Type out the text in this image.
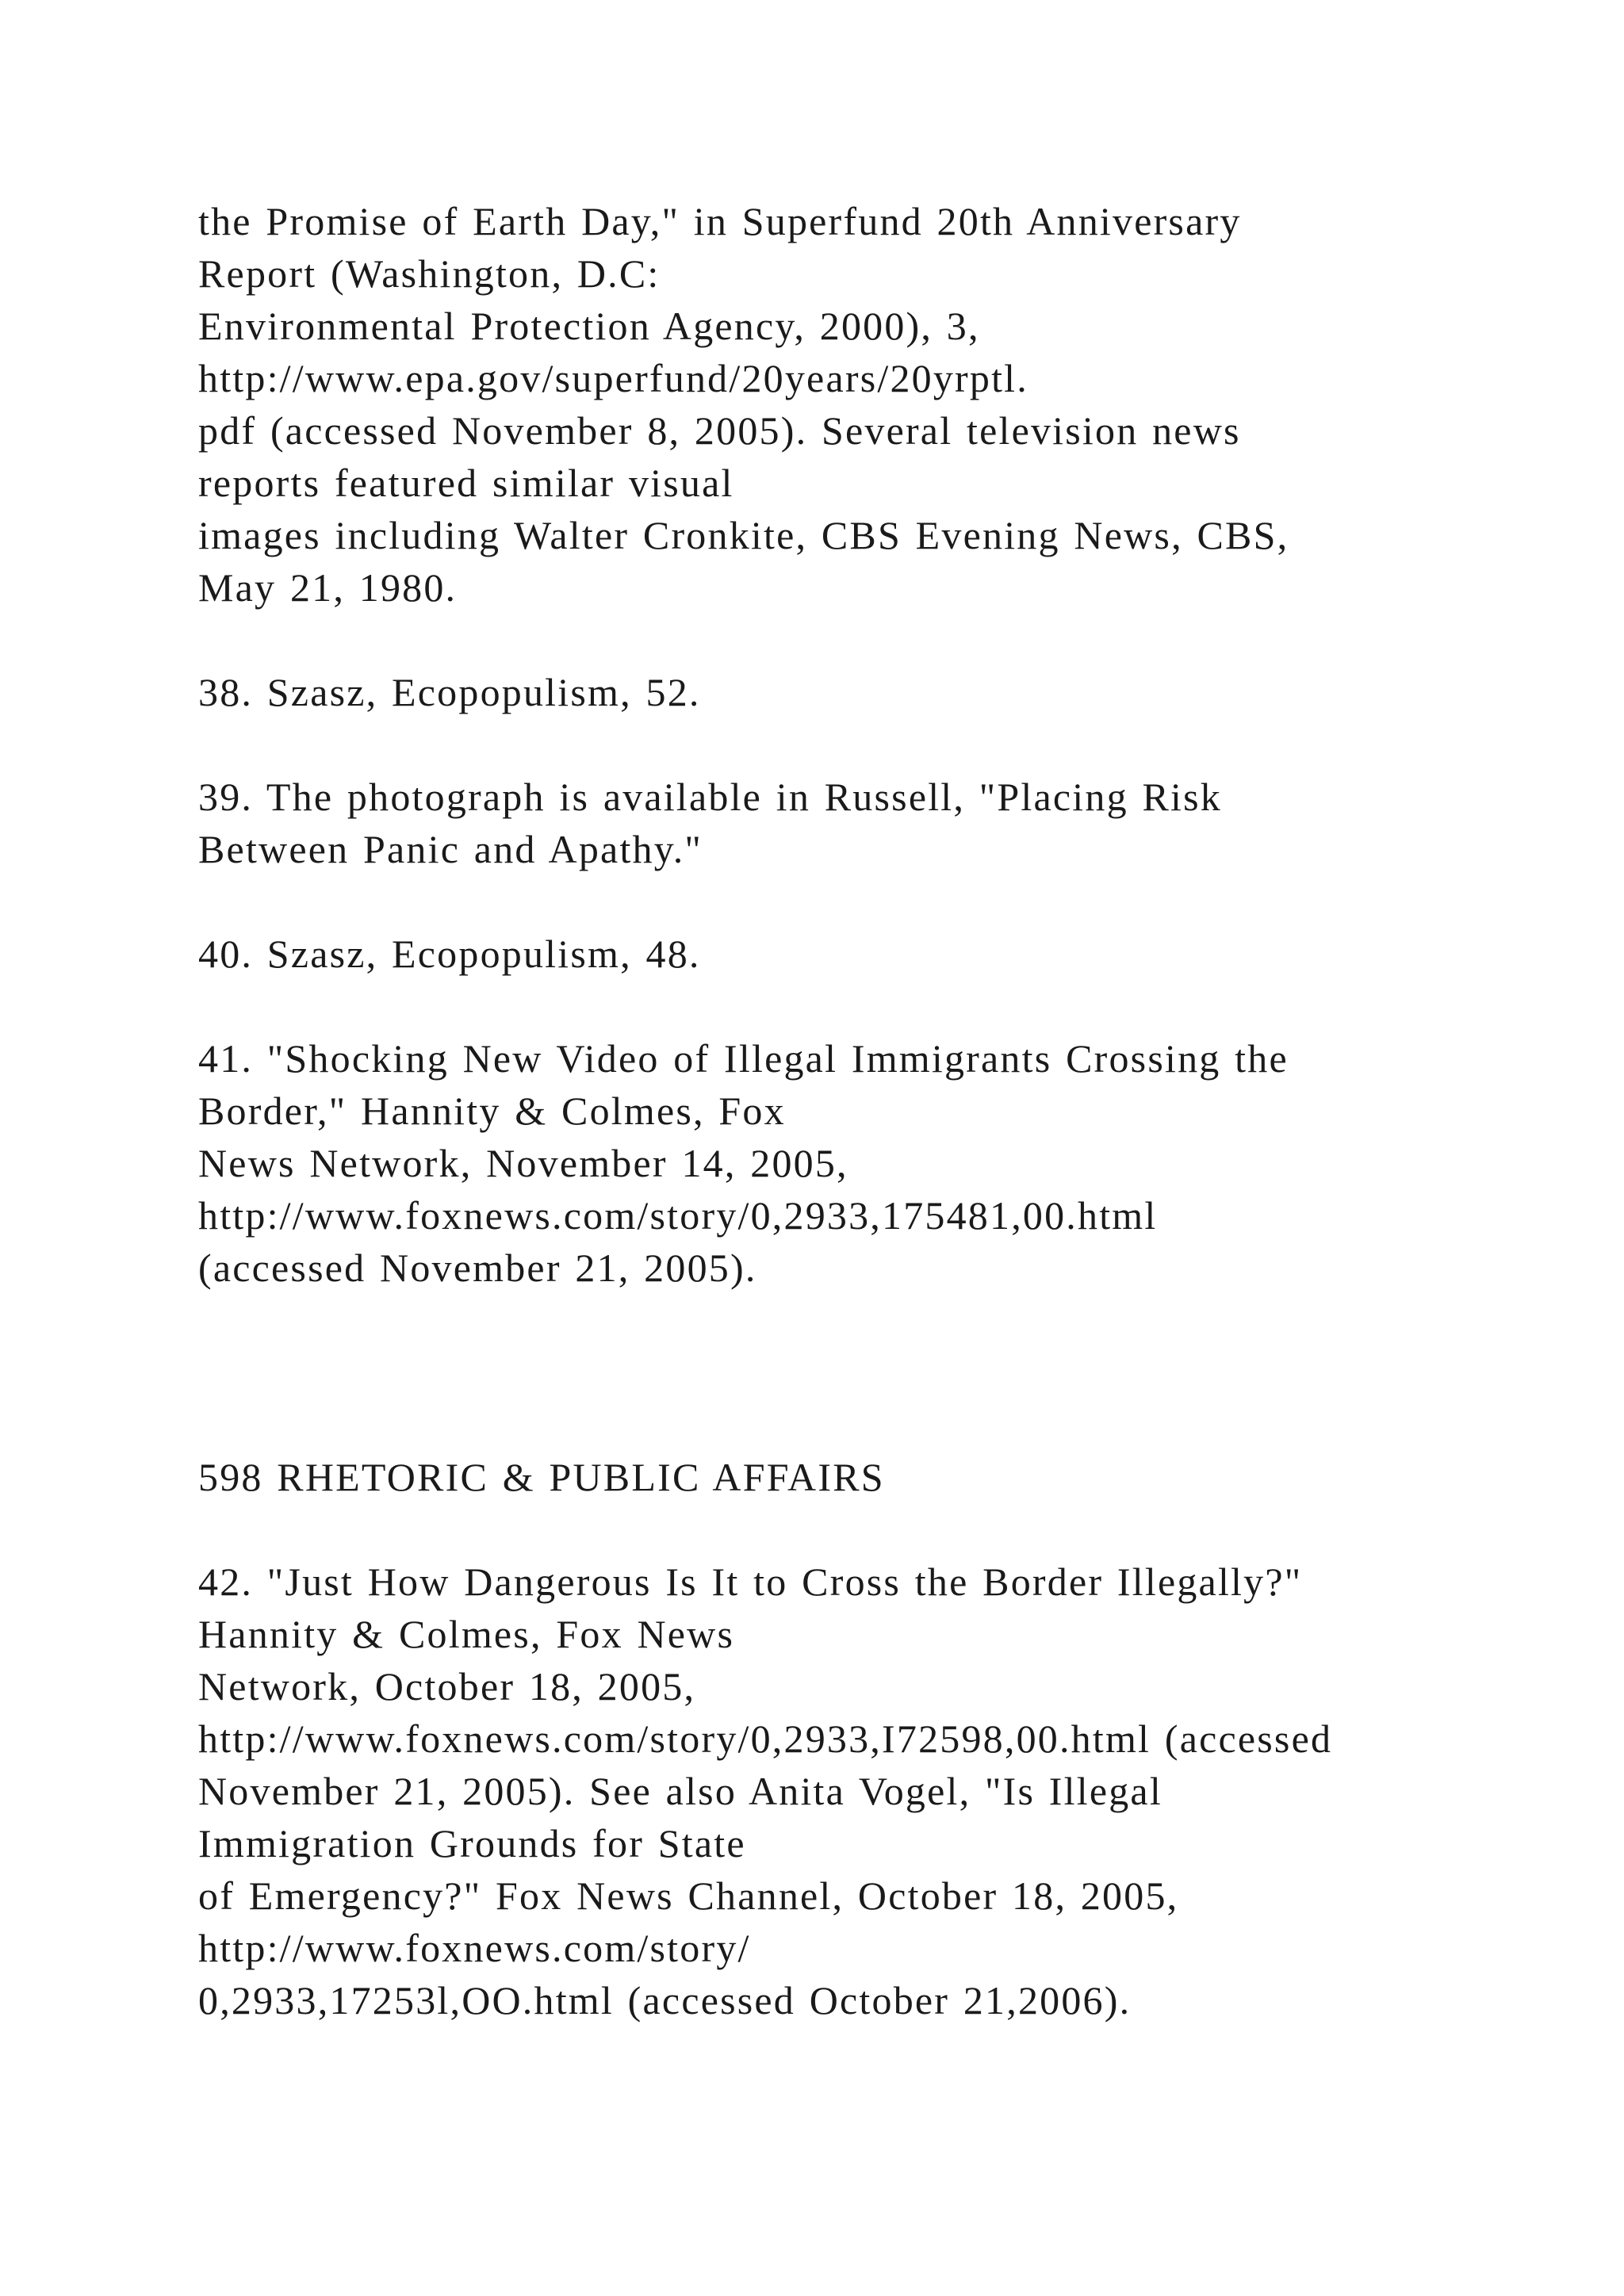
the Promise of Earth Day," in Superfund 20th Anniversary
Report (Washington, D.C:
Environmental Protection Agency, 2000), 3,
http://www.epa.gov/superfund/20years/20yrptl.
pdf (accessed November 8, 2005). Several television news
reports featured similar visual
images including Walter Cronkite, CBS Evening News, CBS,
May 21, 1980.
38. Szasz, Ecopopulism, 52.
39. The photograph is available in Russell, "Placing Risk
Between Panic and Apathy."
40. Szasz, Ecopopulism, 48.
41. "Shocking New Video of Illegal Immigrants Crossing the
Border," Hannity & Colmes, Fox
News Network, November 14, 2005,
http://www.foxnews.com/story/0,2933,175481,00.html
(accessed November 21, 2005).
598 RHETORIC & PUBLIC AFFAIRS
42. "Just How Dangerous Is It to Cross the Border Illegally?"
Hannity & Colmes, Fox News
Network, October 18, 2005,
http://www.foxnews.com/story/0,2933,I72598,00.html (accessed
November 21, 2005). See also Anita Vogel, "Is Illegal
Immigration Grounds for State
of Emergency?" Fox News Channel, October 18, 2005,
http://www.foxnews.com/story/
0,2933,17253l,OO.html (accessed October 21,2006).
